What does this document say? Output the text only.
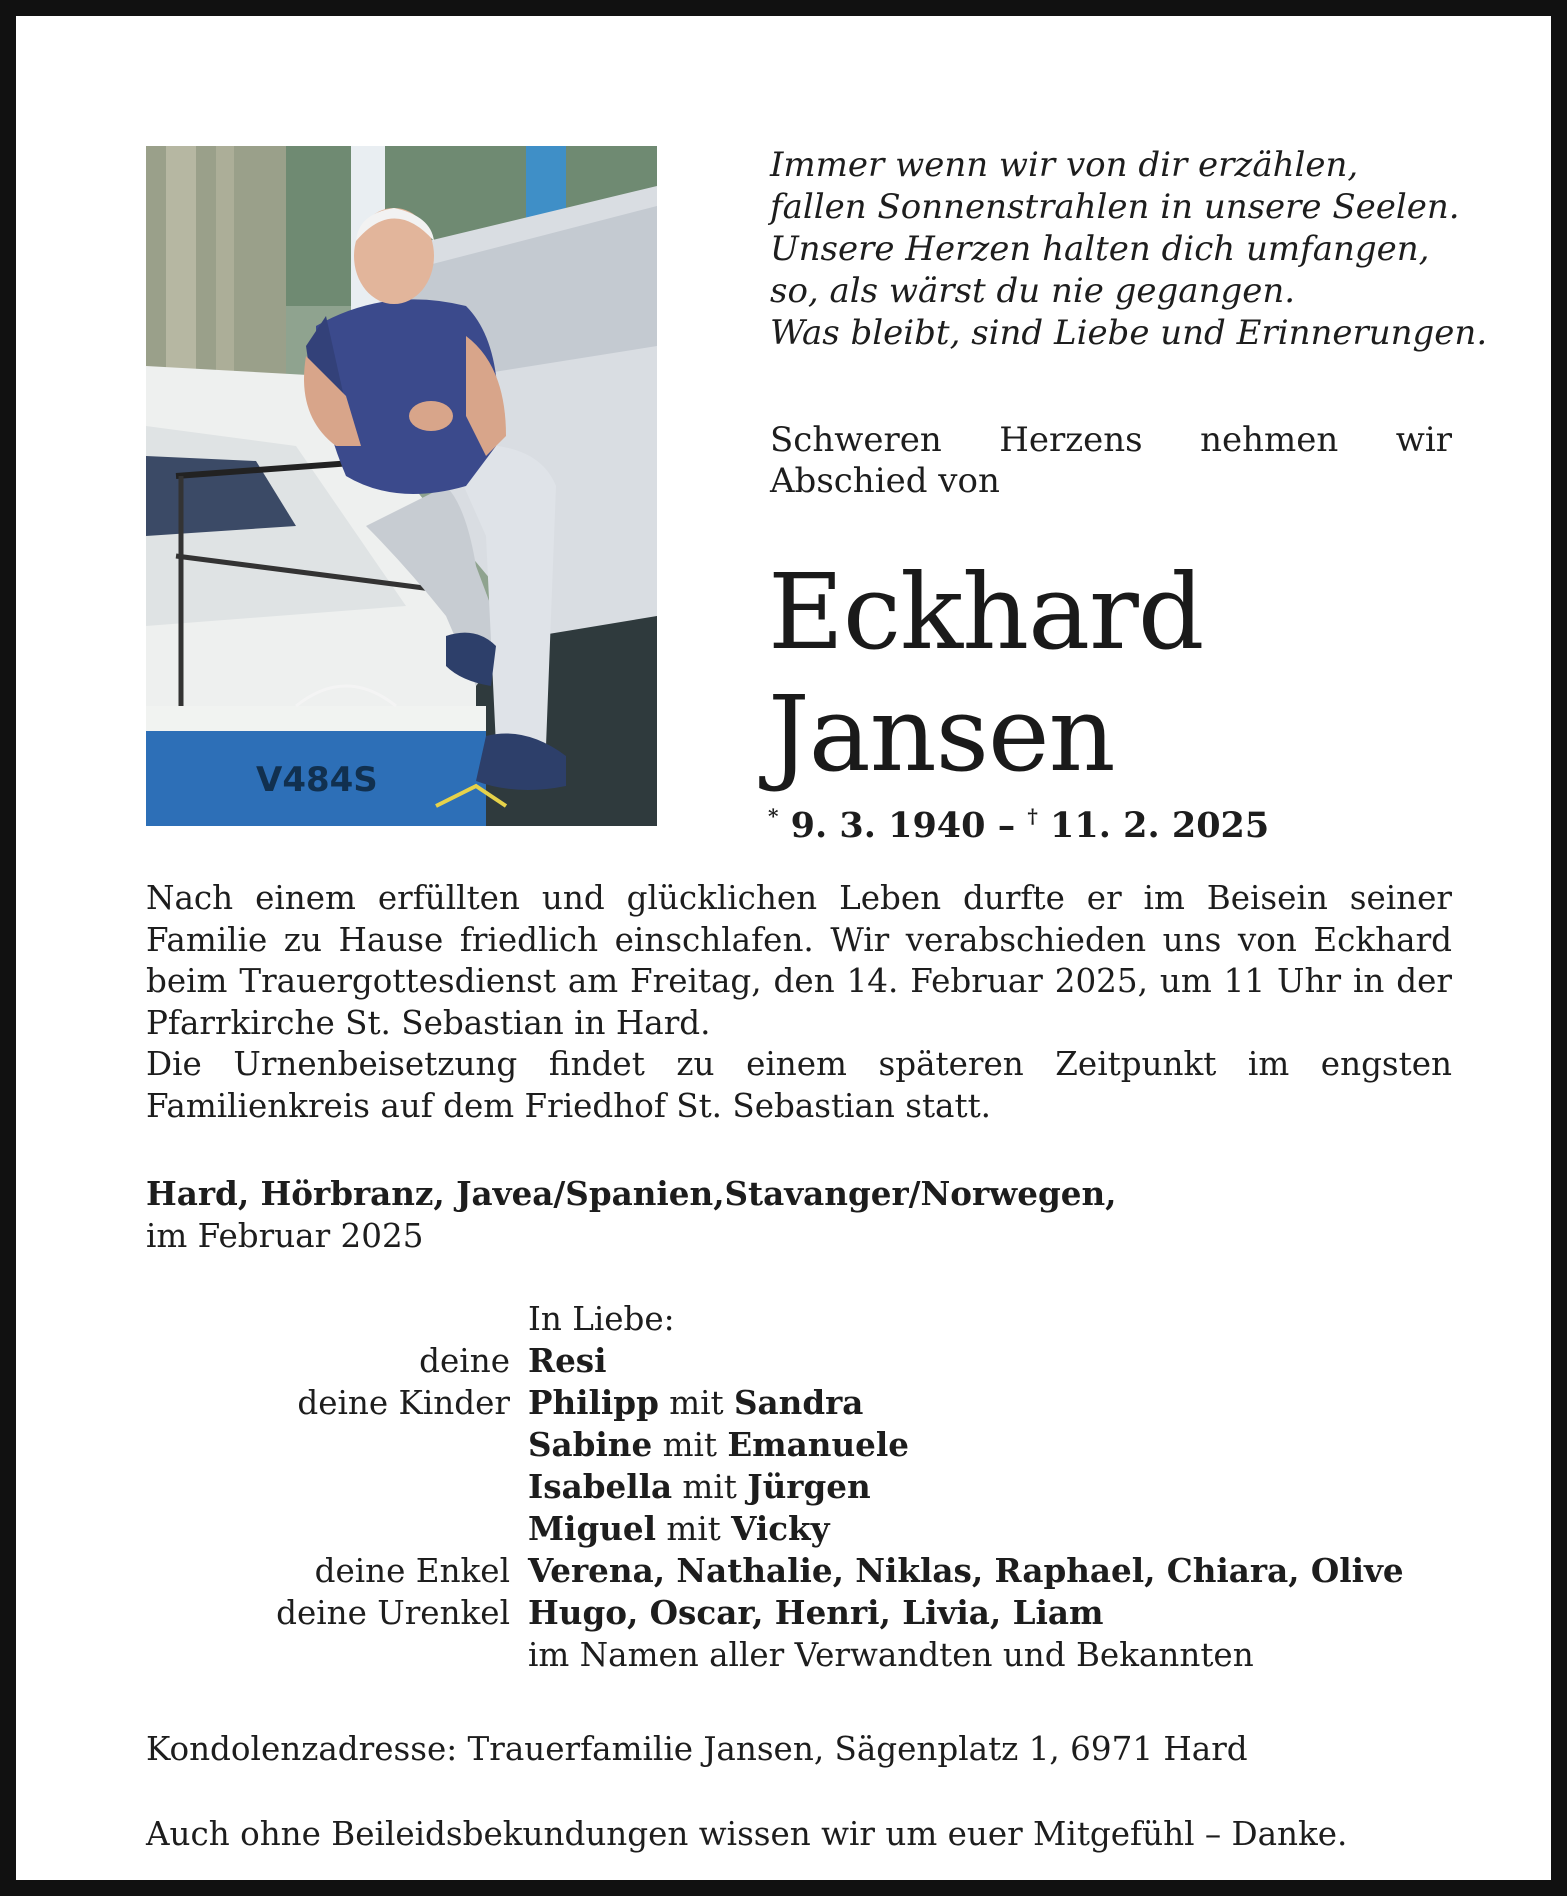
V484S
Immer wenn wir von dir erzählen,
fallen Sonnenstrahlen in unsere Seelen.
Unsere Herzen halten dich umfangen,
so, als wärst du nie gegangen.
Was bleibt, sind Liebe und Erinnerungen.
Schweren Herzens nehmen wir
Abschied von
Eckhard
Jansen
* 9. 3. 1940 – † 11. 2. 2025

Nach einem erfüllten und glücklichen Leben durfte er im Beisein seiner Familie zu Hause friedlich einschlafen. Wir verabschieden uns von Eckhard beim Trauergottesdienst am Freitag, den 14. Februar 2025, um 11 Uhr in der Pfarrkirche St. Sebastian in Hard.

Die Urnenbeisetzung findet zu einem späteren Zeitpunkt im engsten Familienkreis auf dem Friedhof St. Sebastian statt.

Hard, Hörbranz, Javea/Spanien,Stavanger/Norwegen,
im Februar 2025
In Liebe:
deine Resi
deine Kinder Philipp mit Sandra
Sabine mit Emanuele
Isabella mit Jürgen
Miguel mit Vicky
deine Enkel Verena, Nathalie, Niklas, Raphael, Chiara, Olive
deine Urenkel Hugo, Oscar, Henri, Livia, Liam
im Namen aller Verwandten und Bekannten
Kondolenzadresse: Trauerfamilie Jansen, Sägenplatz 1, 6971 Hard
Auch ohne Beileidsbekundungen wissen wir um euer Mitgefühl – Danke.
